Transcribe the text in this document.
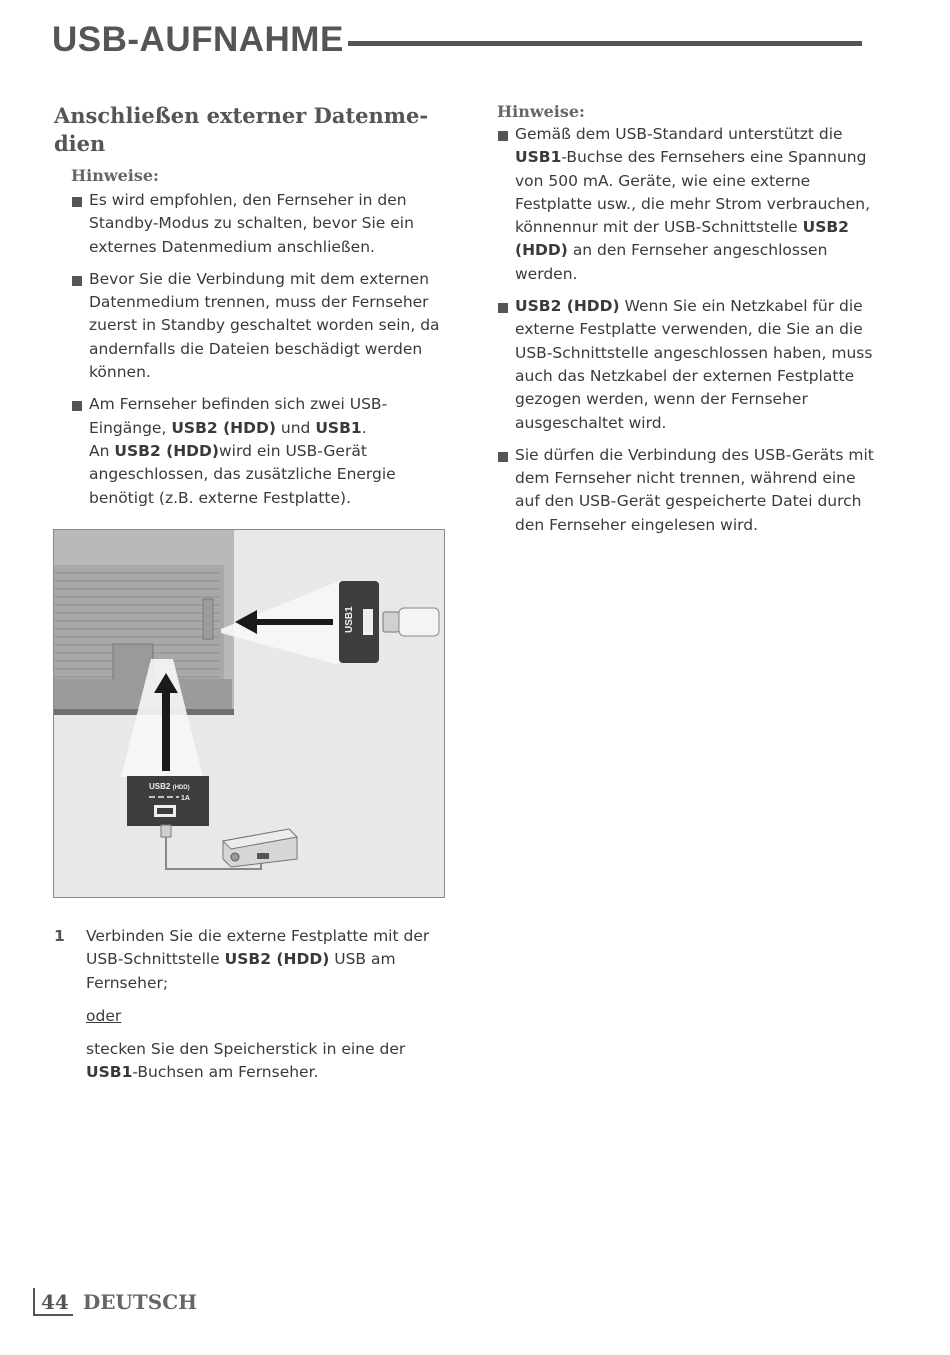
USB-AUFNAHME
Anschließen externer Datenme-dien
Hinweise:
Es wird empfohlen, den Fernseher in den Standby-Modus zu schalten, bevor Sie ein externes Datenmedium anschließen.
Bevor Sie die Verbindung mit dem externen Datenmedium trennen, muss der Fernseher zuerst in Standby geschaltet worden sein, da andernfalls die Dateien beschädigt werden können.
Am Fernseher befinden sich zwei USB-Eingänge, USB2 (HDD) und USB1.
An USB2 (HDD)wird ein USB-Gerät angeschlossen, das zusätzliche Energie benötigt (z.B. externe Festplatte).
USB1
USB2 (HDD)
1A
1 Verbinden Sie die externe Festplatte mit der USB-Schnittstelle USB2 (HDD) USB am Fernseher;

oder

stecken Sie den Speicherstick in eine der USB1-Buchsen am Fernseher.

Hinweise:
Gemäß dem USB-Standard unterstützt die USB1-Buchse des Fernsehers eine Spannung von 500 mA. Geräte, wie eine externe Festplatte usw., die mehr Strom verbrauchen, könnennur mit der USB-Schnittstelle USB2 (HDD) an den Fernseher angeschlossen werden.
USB2 (HDD) Wenn Sie ein Netzkabel für die externe Festplatte verwenden, die Sie an die USB-Schnittstelle angeschlossen haben, muss auch das Netzkabel der externen Festplatte gezogen werden, wenn der Fernseher ausgeschaltet wird.
Sie dürfen die Verbindung des USB-Geräts mit dem Fernseher nicht trennen, während eine auf den USB-Gerät gespeicherte Datei durch den Fernseher eingelesen wird.
44 DEUTSCH
